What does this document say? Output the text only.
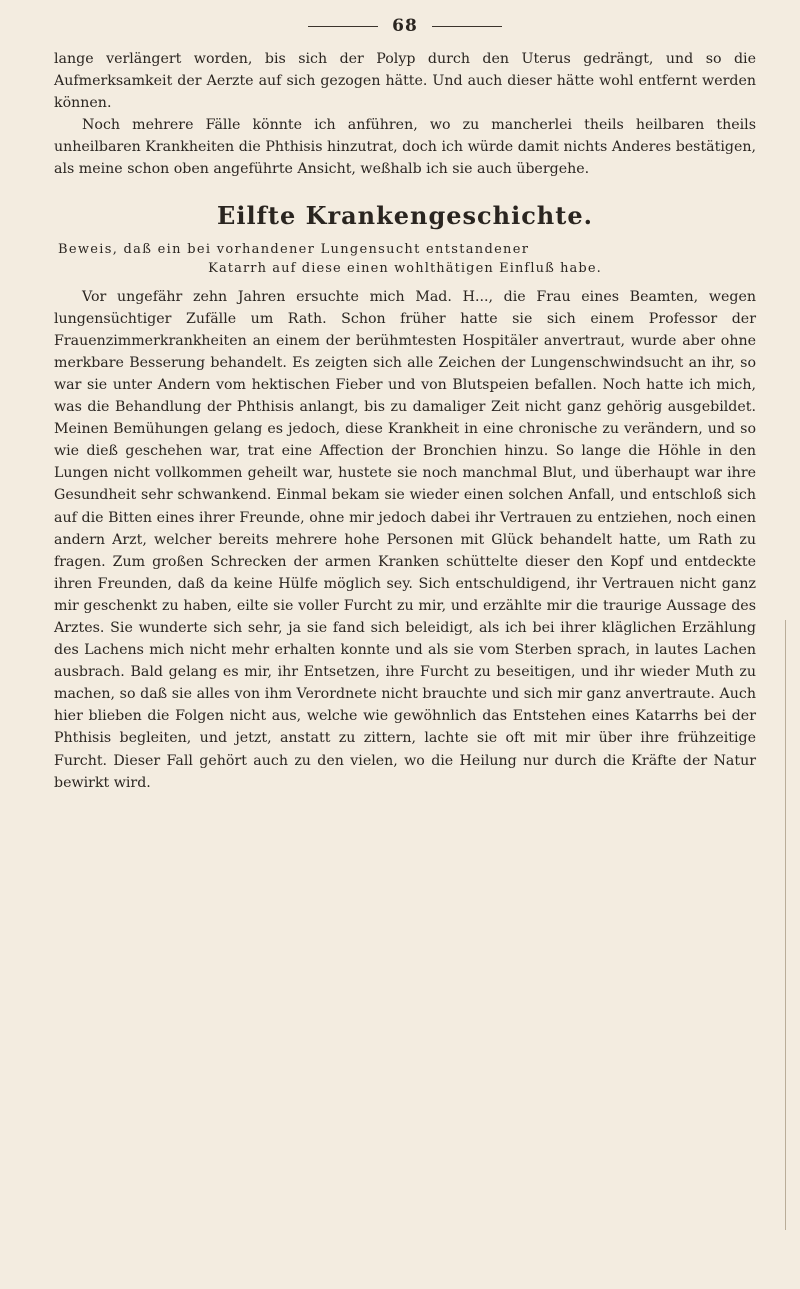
68

lange verlängert worden, bis sich der Polyp durch den Uterus gedrängt, und so die Aufmerksamkeit der Aerzte auf sich gezogen hätte. Und auch dieser hätte wohl entfernt werden können.

Noch mehrere Fälle könnte ich anführen, wo zu mancherlei theils heilbaren theils unheilbaren Krankheiten die Phthisis hinzutrat, doch ich würde damit nichts Anderes bestätigen, als meine schon oben angeführte Ansicht, weßhalb ich sie auch übergehe.

Eilfte Krankengeschichte.

Beweis, daß ein bei vorhandener Lungensucht entstandener
Katarrh auf diese einen wohlthätigen Einfluß habe.

Vor ungefähr zehn Jahren ersuchte mich Mad. H..., die Frau eines Beamten, wegen lungensüchtiger Zufälle um Rath. Schon früher hatte sie sich einem Professor der Frauenzimmerkrankheiten an einem der berühmtesten Hospitäler anvertraut, wurde aber ohne merkbare Besserung behandelt. Es zeigten sich alle Zeichen der Lungenschwindsucht an ihr, so war sie unter Andern vom hektischen Fieber und von Blutspeien befallen. Noch hatte ich mich, was die Behandlung der Phthisis anlangt, bis zu damaliger Zeit nicht ganz gehörig ausgebildet. Meinen Bemühungen gelang es jedoch, diese Krankheit in eine chronische zu verändern, und so wie dieß geschehen war, trat eine Affection der Bronchien hinzu. So lange die Höhle in den Lungen nicht vollkommen geheilt war, hustete sie noch manchmal Blut, und überhaupt war ihre Gesundheit sehr schwankend. Einmal bekam sie wieder einen solchen Anfall, und entschloß sich auf die Bitten eines ihrer Freunde, ohne mir jedoch dabei ihr Vertrauen zu entziehen, noch einen andern Arzt, welcher bereits mehrere hohe Personen mit Glück behandelt hatte, um Rath zu fragen. Zum großen Schrecken der armen Kranken schüttelte dieser den Kopf und entdeckte ihren Freunden, daß da keine Hülfe möglich sey. Sich entschuldigend, ihr Vertrauen nicht ganz mir geschenkt zu haben, eilte sie voller Furcht zu mir, und erzählte mir die traurige Aussage des Arztes. Sie wunderte sich sehr, ja sie fand sich beleidigt, als ich bei ihrer kläglichen Erzählung des Lachens mich nicht mehr erhalten konnte und als sie vom Sterben sprach, in lautes Lachen ausbrach. Bald gelang es mir, ihr Entsetzen, ihre Furcht zu beseitigen, und ihr wieder Muth zu machen, so daß sie alles von ihm Verordnete nicht brauchte und sich mir ganz anvertraute. Auch hier blieben die Folgen nicht aus, welche wie gewöhnlich das Entstehen eines Katarrhs bei der Phthisis begleiten, und jetzt, anstatt zu zittern, lachte sie oft mit mir über ihre frühzeitige Furcht. Dieser Fall gehört auch zu den vielen, wo die Heilung nur durch die Kräfte der Natur bewirkt wird.
